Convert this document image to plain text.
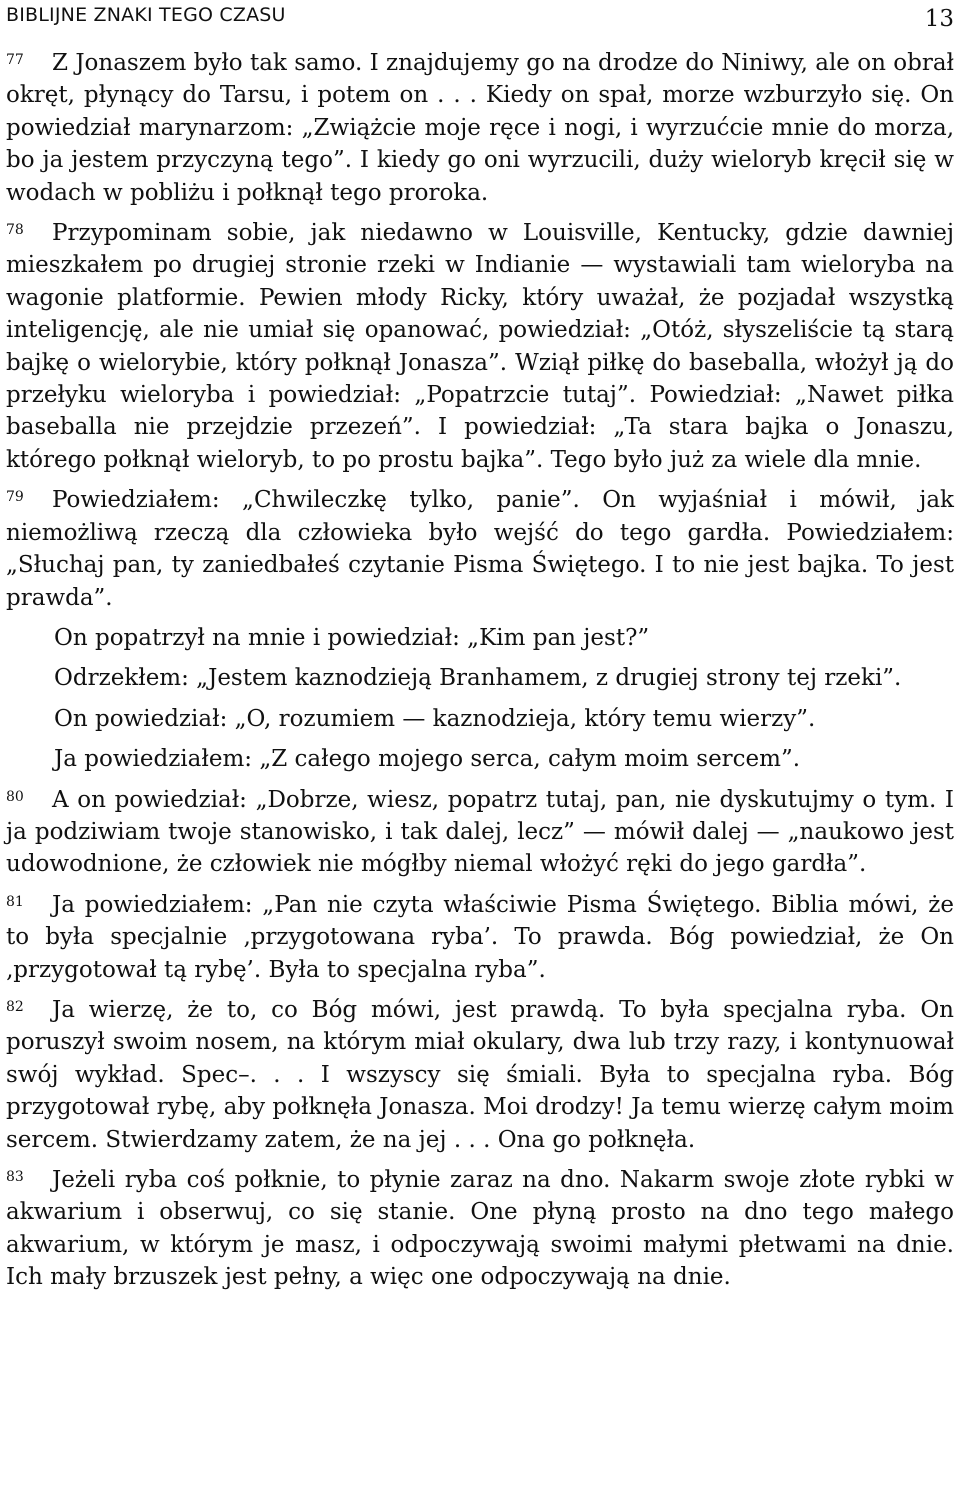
BIBLIJNE ZNAKI TEGO CZASU	13

77 Z Jonaszem było tak samo. I znajdujemy go na drodze do Niniwy, ale on obrał okręt, płynący do Tarsu, i potem on . . . Kiedy on spał, morze wzburzyło się. On powiedział marynarzom: „Zwiążcie moje ręce i nogi, i wyrzućcie mnie do morza, bo ja jestem przyczyną tego”. I kiedy go oni wyrzucili, duży wieloryb kręcił się w wodach w pobliżu i połknął tego proroka.

78 Przypominam sobie, jak niedawno w Louisville, Kentucky, gdzie dawniej mieszkałem po drugiej stronie rzeki w Indianie — wystawiali tam wieloryba na wagonie platformie. Pewien młody Ricky, który uważał, że pozjadał wszystką inteligencję, ale nie umiał się opanować, powiedział: „Otóż, słyszeliście tą starą bajkę o wielorybie, który połknął Jonasza”. Wziął piłkę do baseballa, włożył ją do przełyku wieloryba i powiedział: „Popatrzcie tutaj”. Powiedział: „Nawet piłka baseballa nie przejdzie przezeń”. I powiedział: „Ta stara bajka o Jonaszu, którego połknął wieloryb, to po prostu bajka”. Tego było już za wiele dla mnie.

79 Powiedziałem: „Chwileczkę tylko, panie”. On wyjaśniał i mówił, jak niemożliwą rzeczą dla człowieka było wejść do tego gardła. Powiedziałem: „Słuchaj pan, ty zaniedbałeś czytanie Pisma Świętego. I to nie jest bajka. To jest prawda”.

On popatrzył na mnie i powiedział: „Kim pan jest?”

Odrzekłem: „Jestem kaznodzieją Branhamem, z drugiej strony tej rzeki”.

On powiedział: „O, rozumiem — kaznodzieja, który temu wierzy”.

Ja powiedziałem: „Z całego mojego serca, całym moim sercem”.

80 A on powiedział: „Dobrze, wiesz, popatrz tutaj, pan, nie dyskutujmy o tym. I ja podziwiam twoje stanowisko, i tak dalej, lecz” — mówił dalej — „naukowo jest udowodnione, że człowiek nie mógłby niemal włożyć ręki do jego gardła”.

81 Ja powiedziałem: „Pan nie czyta właściwie Pisma Świętego. Biblia mówi, że to była specjalnie ‚przygotowana ryba’. To prawda. Bóg powiedział, że On ‚przygotował tą rybę’. Była to specjalna ryba”.

82 Ja wierzę, że to, co Bóg mówi, jest prawdą. To była specjalna ryba. On poruszył swoim nosem, na którym miał okulary, dwa lub trzy razy, i kontynuował swój wykład. Spec–. . . I wszyscy się śmiali. Była to specjalna ryba. Bóg przygotował rybę, aby połknęła Jonasza. Moi drodzy! Ja temu wierzę całym moim sercem. Stwierdzamy zatem, że na jej . . . Ona go połknęła.

83 Jeżeli ryba coś połknie, to płynie zaraz na dno. Nakarm swoje złote rybki w akwarium i obserwuj, co się stanie. One płyną prosto na dno tego małego akwarium, w którym je masz, i odpoczywają swoimi małymi płetwami na dnie. Ich mały brzuszek jest pełny, a więc one odpoczywają na dnie.
